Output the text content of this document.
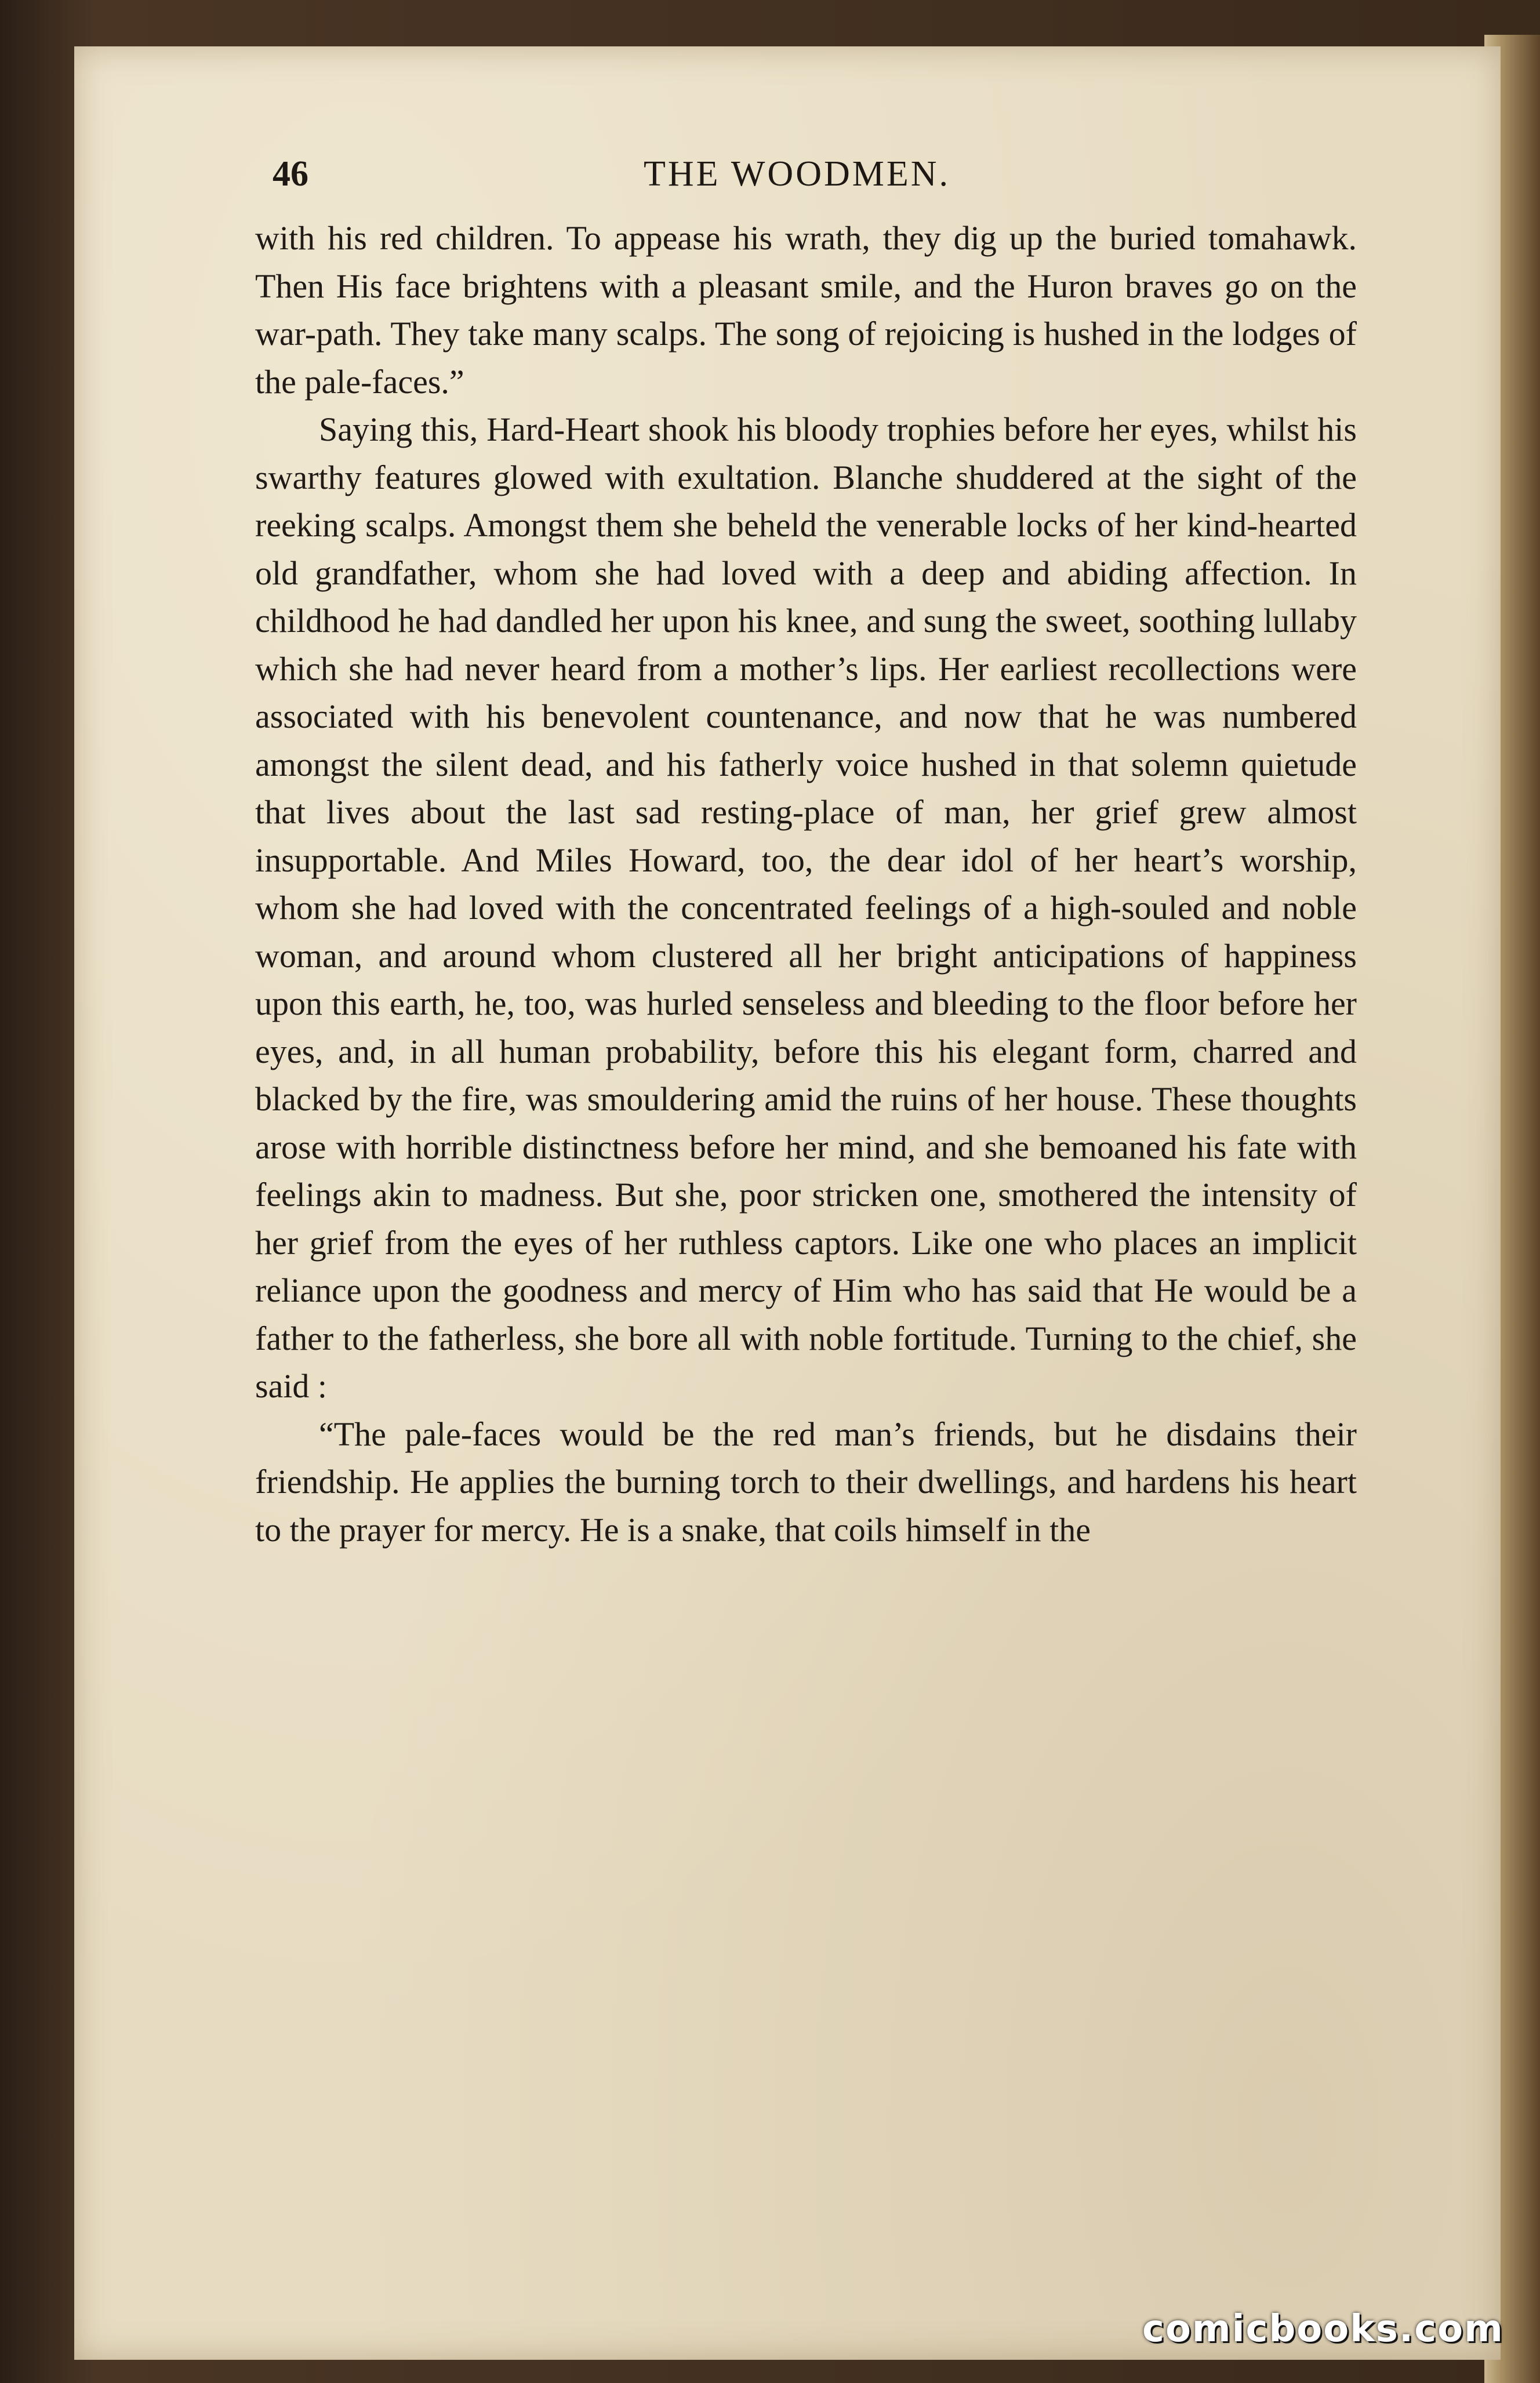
46	THE WOODMEN.

with his red children. To appease his wrath, they dig up the buried tomahawk. Then His face brightens with a pleasant smile, and the Huron braves go on the war-path. They take many scalps. The song of rejoicing is hushed in the lodges of the pale-faces.”

Saying this, Hard-Heart shook his bloody trophies before her eyes, whilst his swarthy features glowed with exultation. Blanche shuddered at the sight of the reeking scalps. Amongst them she beheld the venerable locks of her kind-hearted old grandfather, whom she had loved with a deep and abiding affection. In childhood he had dandled her upon his knee, and sung the sweet, soothing lullaby which she had never heard from a mother’s lips. Her earliest recollections were associated with his benevolent countenance, and now that he was numbered amongst the silent dead, and his fatherly voice hushed in that solemn quietude that lives about the last sad resting-place of man, her grief grew almost insupportable. And Miles Howard, too, the dear idol of her heart’s worship, whom she had loved with the concentrated feelings of a high-souled and noble woman, and around whom clustered all her bright anticipations of happiness upon this earth, he, too, was hurled senseless and bleeding to the floor before her eyes, and, in all human probability, before this his elegant form, charred and blacked by the fire, was smouldering amid the ruins of her house. These thoughts arose with horrible distinctness before her mind, and she bemoaned his fate with feelings akin to madness. But she, poor stricken one, smothered the intensity of her grief from the eyes of her ruthless captors. Like one who places an implicit reliance upon the goodness and mercy of Him who has said that He would be a father to the fatherless, she bore all with noble fortitude. Turning to the chief, she said :

“The pale-faces would be the red man’s friends, but he disdains their friendship. He applies the burning torch to their dwellings, and hardens his heart to the prayer for mercy. He is a snake, that coils himself in the

comicbooks.com
